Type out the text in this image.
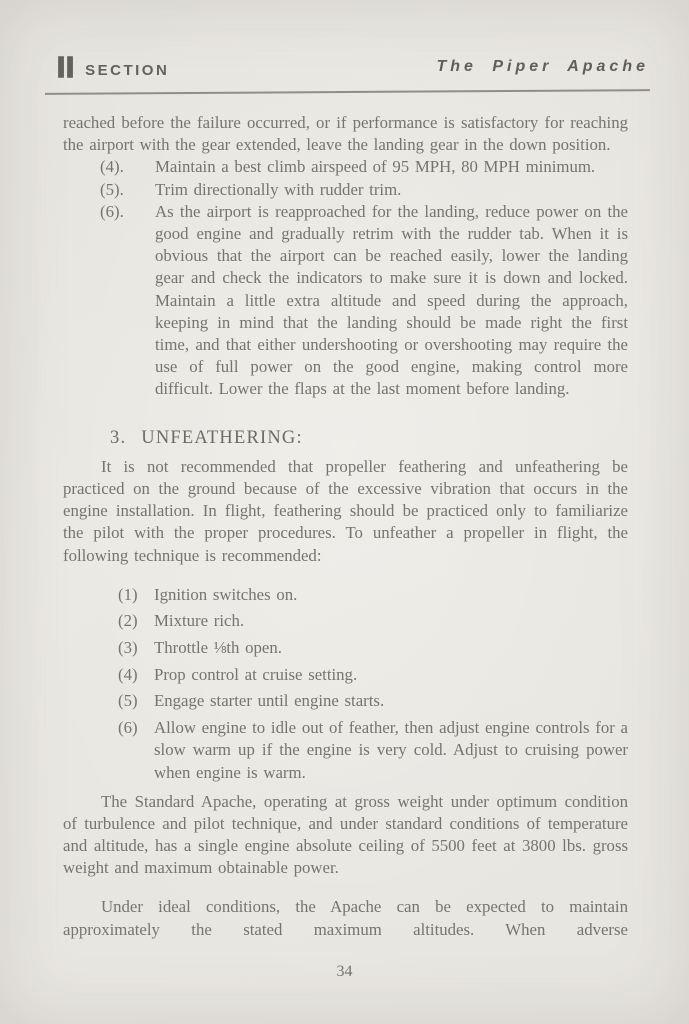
II SECTION	The Piper Apache

reached before the failure occurred, or if performance is satisfactory for reaching the airport with the gear extended, leave the landing gear in the down position.

(4).	Maintain a best climb airspeed of 95 MPH, 80 MPH minimum.
(5).	Trim directionally with rudder trim.
(6).	As the airport is reapproached for the landing, reduce power on the good engine and gradually retrim with the rudder tab. When it is obvious that the airport can be reached easily, lower the landing gear and check the indicators to make sure it is down and locked. Maintain a little extra altitude and speed during the approach, keeping in mind that the landing should be made right the first time, and that either undershooting or overshooting may require the use of full power on the good engine, making control more difficult. Lower the flaps at the last moment before landing.
3. UNFEATHERING:

It is not recommended that propeller feathering and unfeathering be practiced on the ground because of the excessive vibration that occurs in the engine installation. In flight, feathering should be practiced only to familiarize the pilot with the proper procedures. To unfeather a propeller in flight, the following technique is recommended:

(1) Ignition switches on.
(2) Mixture rich.
(3) Throttle ⅛th open.
(4) Prop control at cruise setting.
(5) Engage starter until engine starts.
(6) Allow engine to idle out of feather, then adjust engine controls for a slow warm up if the engine is very cold. Adjust to cruising power when engine is warm.

The Standard Apache, operating at gross weight under optimum condition of turbulence and pilot technique, and under standard conditions of temperature and altitude, has a single engine absolute ceiling of 5500 feet at 3800 lbs. gross weight and maximum obtainable power.

Under ideal conditions, the Apache can be expected to maintain approximately the stated maximum altitudes. When adverse

34
